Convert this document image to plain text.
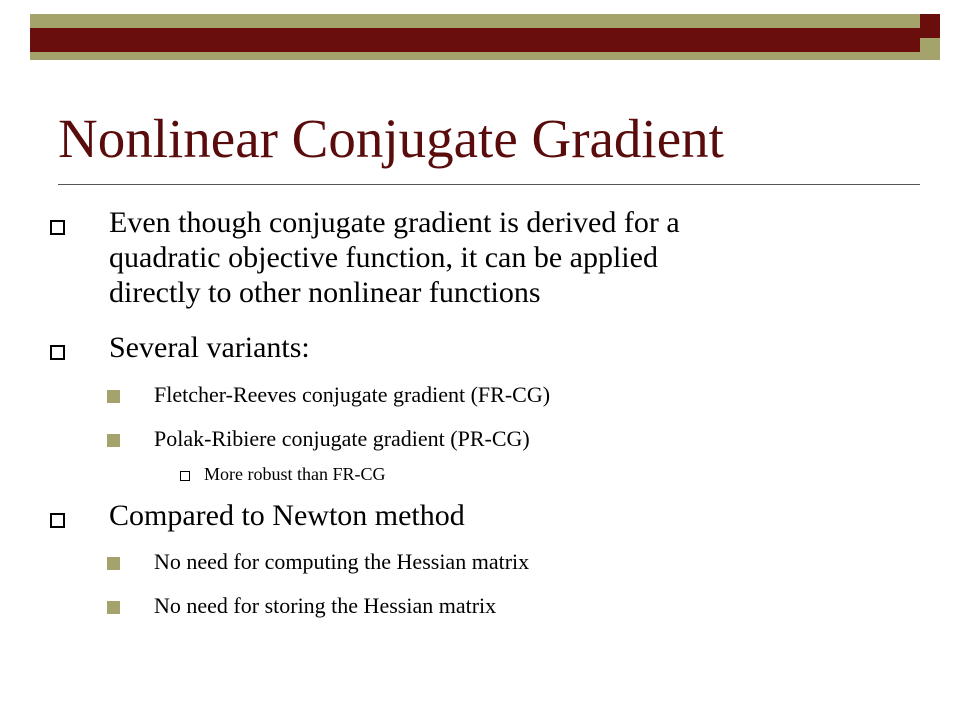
Nonlinear Conjugate Gradient
Even though conjugate gradient is derived for a
quadratic objective function, it can be applied
directly to other nonlinear functions
Several variants:
Fletcher-Reeves conjugate gradient (FR-CG)
Polak-Ribiere conjugate gradient (PR-CG)
More robust than FR-CG
Compared to Newton method
No need for computing the Hessian matrix
No need for storing the Hessian matrix
